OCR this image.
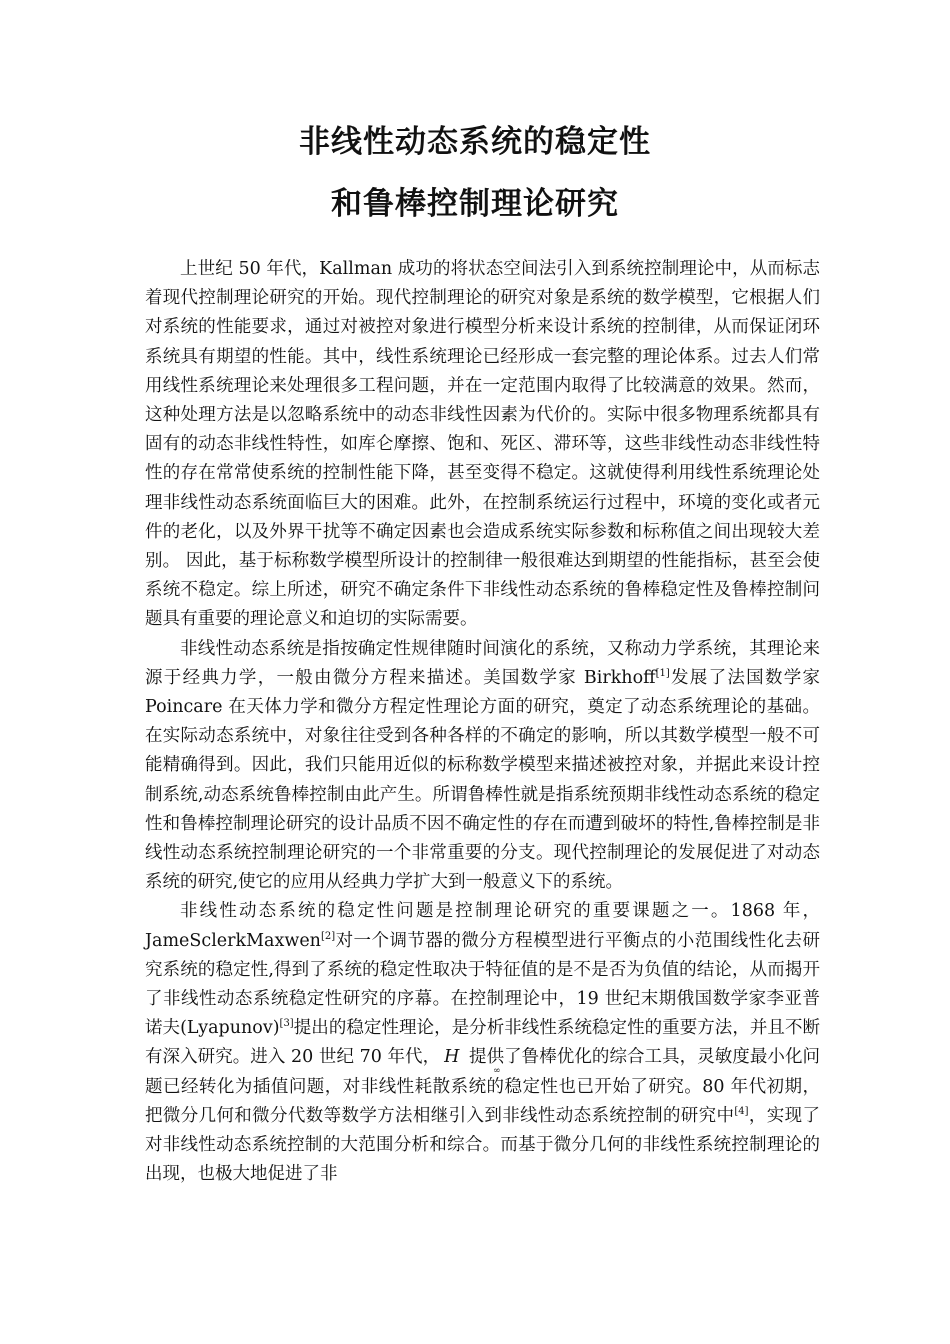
非线性动态系统的稳定性
和鲁棒控制理论研究

上世纪 50 年代，Kallman 成功的将状态空间法引入到系统控制理论中，从而标志着现代控制理论研究的开始。现代控制理论的研究对象是系统的数学模型，它根据人们对系统的性能要求，通过对被控对象进行模型分析来设计系统的控制律，从而保证闭环系统具有期望的性能。其中，线性系统理论已经形成一套完整的理论体系。过去人们常用线性系统理论来处理很多工程问题，并在一定范围内取得了比较满意的效果。然而，这种处理方法是以忽略系统中的动态非线性因素为代价的。实际中很多物理系统都具有固有的动态非线性特性，如库仑摩擦、饱和、死区、滞环等，这些非线性动态非线性特性的存在常常使系统的控制性能下降，甚至变得不稳定。这就使得利用线性系统理论处理非线性动态系统面临巨大的困难。此外，在控制系统运行过程中，环境的变化或者元件的老化，以及外界干扰等不确定因素也会造成系统实际参数和标称值之间出现较大差别。 因此，基于标称数学模型所设计的控制律一般很难达到期望的性能指标，甚至会使系统不稳定。综上所述，研究不确定条件下非线性动态系统的鲁棒稳定性及鲁棒控制问题具有重要的理论意义和迫切的实际需要。

非线性动态系统是指按确定性规律随时间演化的系统，又称动力学系统，其理论来源于经典力学，一般由微分方程来描述。美国数学家 Birkhoff[1]发展了法国数学家 Poincare 在天体力学和微分方程定性理论方面的研究，奠定了动态系统理论的基础。在实际动态系统中，对象往往受到各种各样的不确定的影响，所以其数学模型一般不可能精确得到。因此，我们只能用近似的标称数学模型来描述被控对象，并据此来设计控制系统,动态系统鲁棒控制由此产生。所谓鲁棒性就是指系统预期非线性动态系统的稳定性和鲁棒控制理论研究的设计品质不因不确定性的存在而遭到破坏的特性,鲁棒控制是非线性动态系统控制理论研究的一个非常重要的分支。现代控制理论的发展促进了对动态系统的研究,使它的应用从经典力学扩大到一般意义下的系统。

非线性动态系统的稳定性问题是控制理论研究的重要课题之一。1868 年，JameSclerkMaxwen[2]对一个调节器的微分方程模型进行平衡点的小范围线性化去研究系统的稳定性,得到了系统的稳定性取决于特征值的是不是否为负值的结论，从而揭开了非线性动态系统稳定性研究的序幕。在控制理论中，19 世纪末期俄国数学家李亚普诺夫(Lyapunov)[3]提出的稳定性理论，是分析非线性系统稳定性的重要方法，并且不断有深入研究。进入 20 世纪 70 年代， H
∞
提供了鲁棒优化的综合工具，灵敏度最小化问题已经转化为插值问题，对非线性耗散系统的稳定性也已开始了研究。80 年代初期，把微分几何和微分代数等数学方法相继引入到非线性动态系统控制的研究中[4]，实现了对非线性动态系统控制的大范围分析和综合。而基于微分几何的非线性系统控制理论的出现，也极大地促进了非
